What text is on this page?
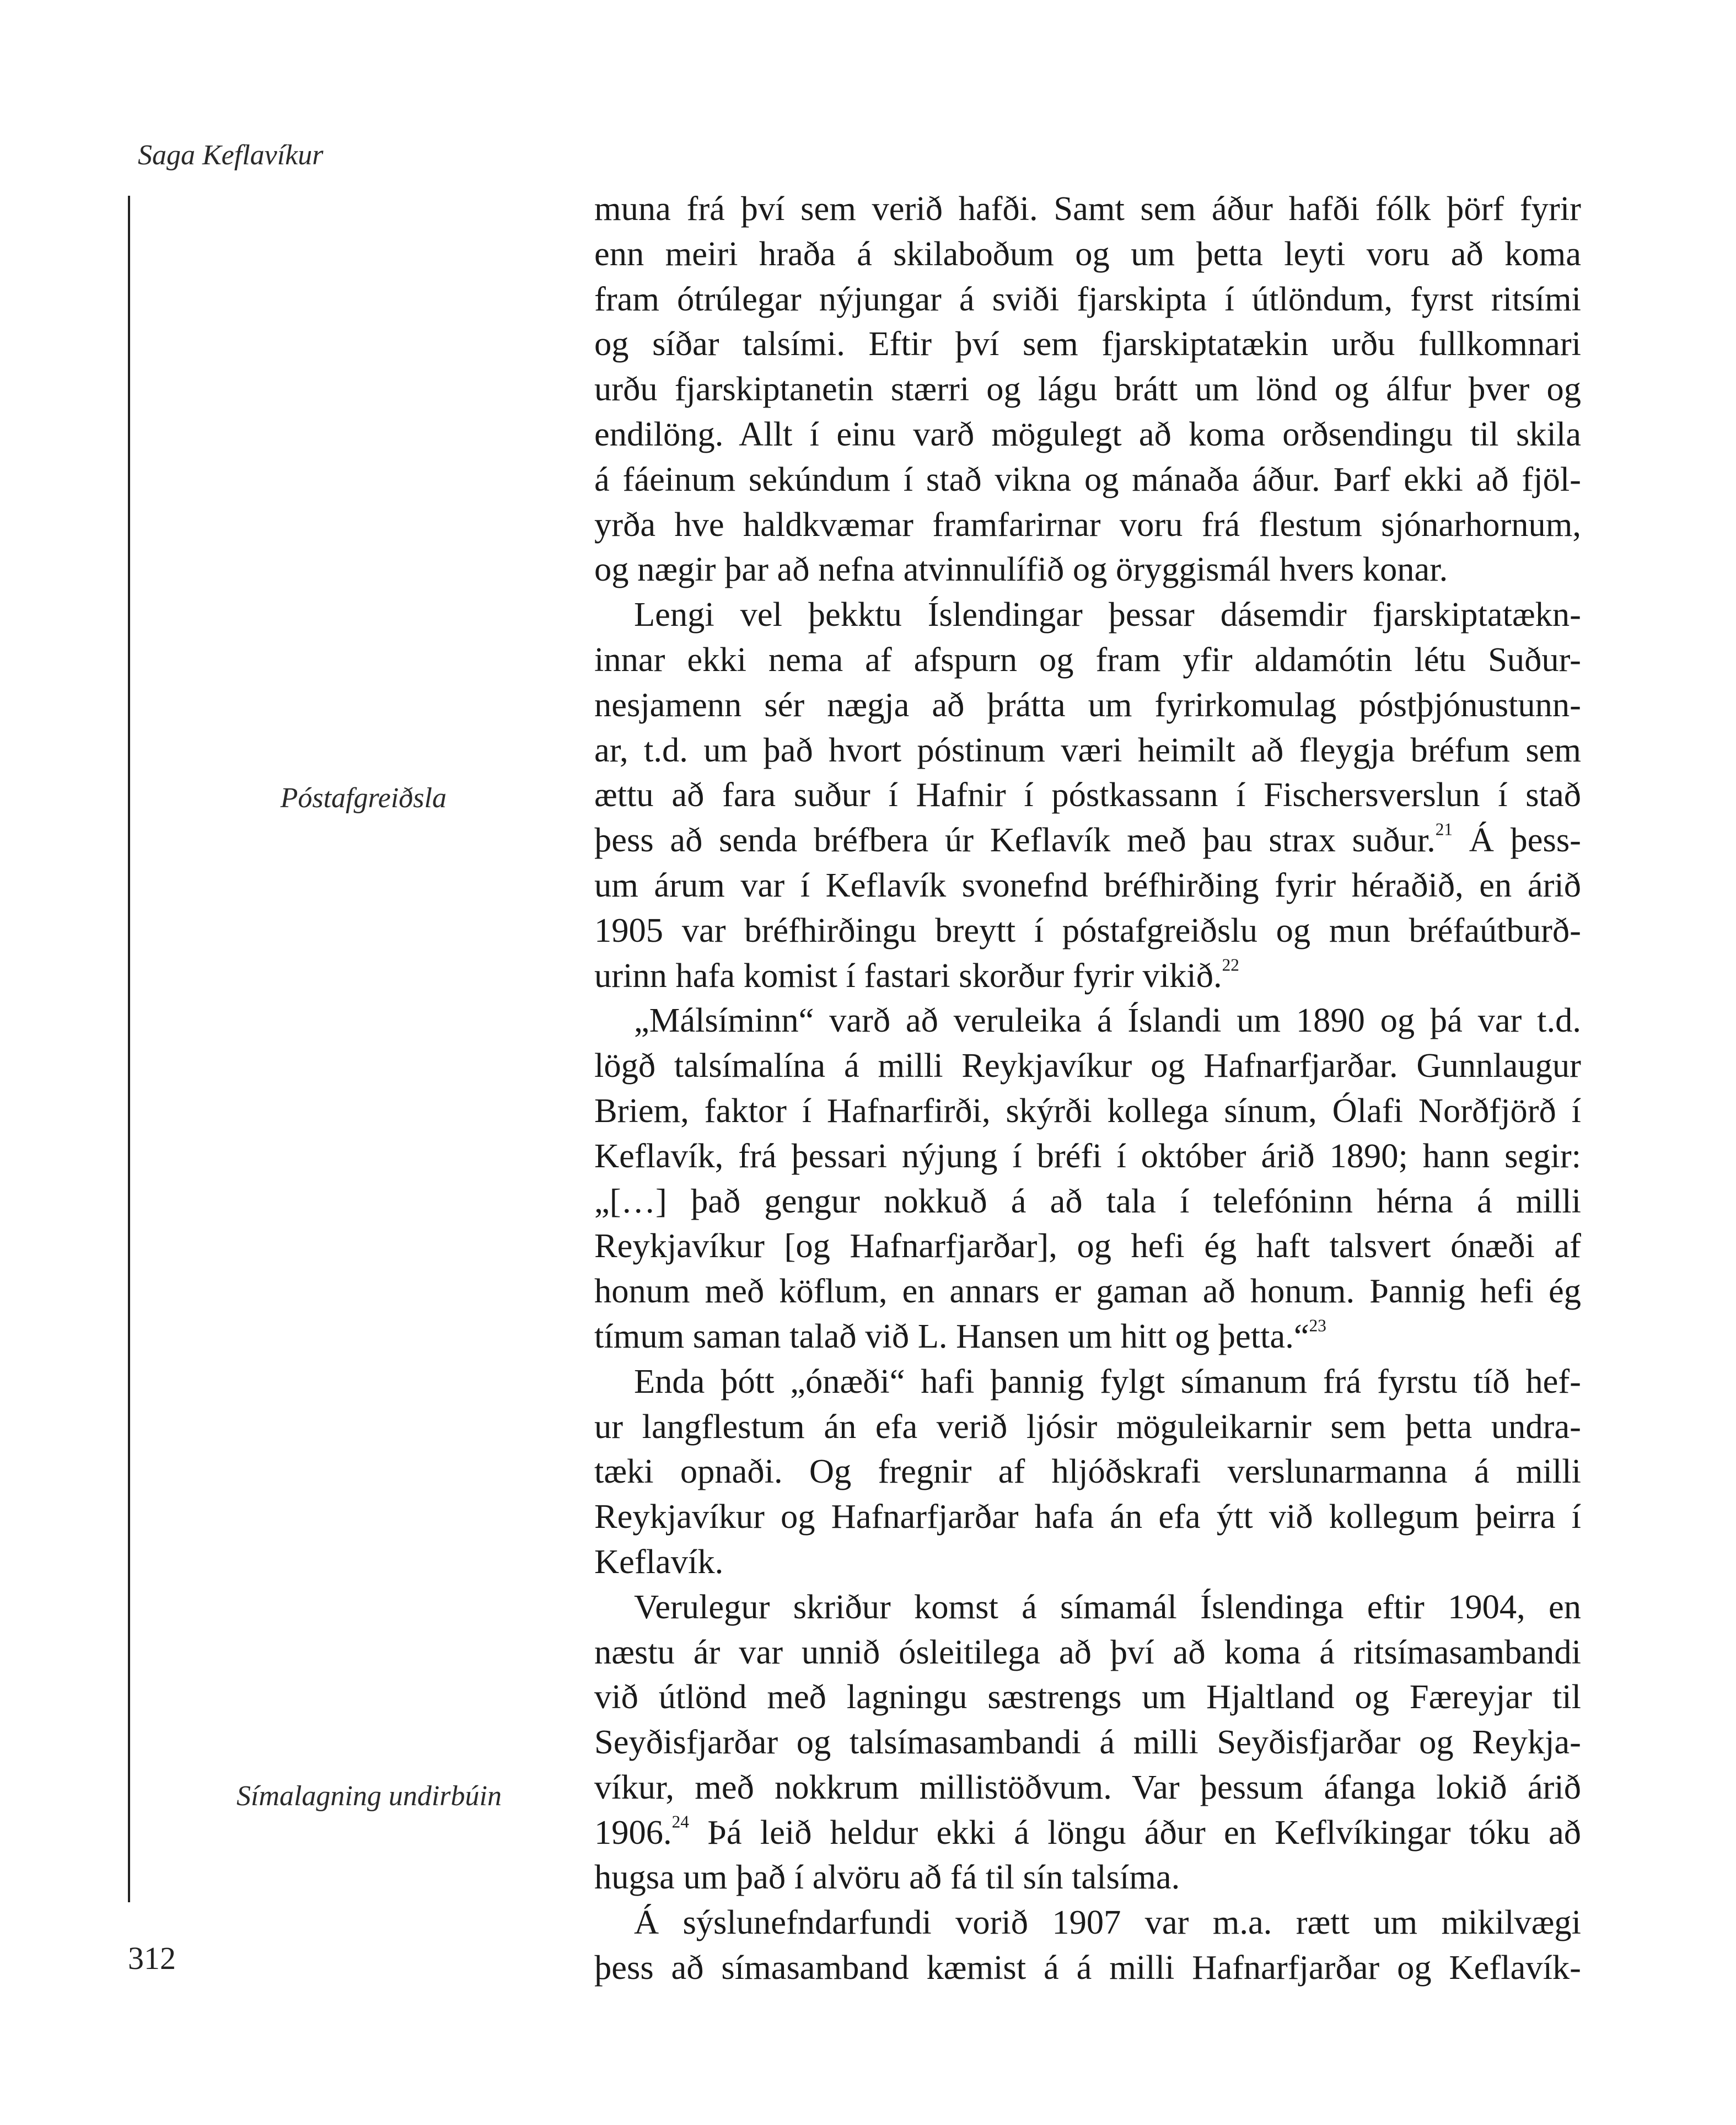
Saga Keflavíkur
Póstafgreiðsla
Símalagning undirbúin
muna frá því sem verið hafði. Samt sem áður hafði fólk þörf fyrir
enn meiri hraða á skilaboðum og um þetta leyti voru að koma
fram ótrúlegar nýjungar á sviði fjarskipta í útlöndum, fyrst ritsími
og síðar talsími. Eftir því sem fjarskiptatækin urðu fullkomnari
urðu fjarskiptanetin stærri og lágu brátt um lönd og álfur þver og
endilöng. Allt í einu varð mögulegt að koma orðsendingu til skila
á fáeinum sekúndum í stað vikna og mánaða áður. Þarf ekki að fjöl-
yrða hve haldkvæmar framfarirnar voru frá flestum sjónarhornum,
og nægir þar að nefna atvinnulífið og öryggismál hvers konar.
Lengi vel þekktu Íslendingar þessar dásemdir fjarskiptatækn-
innar ekki nema af afspurn og fram yfir aldamótin létu Suður-
nesjamenn sér nægja að þrátta um fyrirkomulag póstþjónustunn-
ar, t.d. um það hvort póstinum væri heimilt að fleygja bréfum sem
ættu að fara suður í Hafnir í póstkassann í Fischersverslun í stað
þess að senda bréfbera úr Keflavík með þau strax suður.$^{21}$ Á þess-
um árum var í Keflavík svonefnd bréfhirðing fyrir héraðið, en árið
1905 var bréfhirðingu breytt í póstafgreiðslu og mun bréfaútburð-
urinn hafa komist í fastari skorður fyrir vikið.$^{22}$
„Málsíminn“ varð að veruleika á Íslandi um 1890 og þá var t.d.
lögð talsímalína á milli Reykjavíkur og Hafnarfjarðar. Gunnlaugur
Briem, faktor í Hafnarfirði, skýrði kollega sínum, Ólafi Norðfjörð í
Keflavík, frá þessari nýjung í bréfi í október árið 1890; hann segir:
„[…] það gengur nokkuð á að tala í telefóninn hérna á milli
Reykjavíkur [og Hafnarfjarðar], og hefi ég haft talsvert ónæði af
honum með köflum, en annars er gaman að honum. Þannig hefi ég
tímum saman talað við L. Hansen um hitt og þetta.“$^{23}$
Enda þótt „ónæði“ hafi þannig fylgt símanum frá fyrstu tíð hef-
ur langflestum án efa verið ljósir möguleikarnir sem þetta undra-
tæki opnaði. Og fregnir af hljóðskrafi verslunarmanna á milli
Reykjavíkur og Hafnarfjarðar hafa án efa ýtt við kollegum þeirra í
Keflavík.
Verulegur skriður komst á símamál Íslendinga eftir 1904, en
næstu ár var unnið ósleitilega að því að koma á ritsímasambandi
við útlönd með lagningu sæstrengs um Hjaltland og Færeyjar til
Seyðisfjarðar og talsímasambandi á milli Seyðisfjarðar og Reykja-
víkur, með nokkrum millistöðvum. Var þessum áfanga lokið árið
1906.24 Þá leið heldur ekki á löngu áður en Keflvíkingar tóku að
hugsa um það í alvöru að fá til sín talsíma.
Á sýslunefndarfundi vorið 1907 var m.a. rætt um mikilvægi
þess að símasamband kæmist á á milli Hafnarfjarðar og Keflavík-
312
